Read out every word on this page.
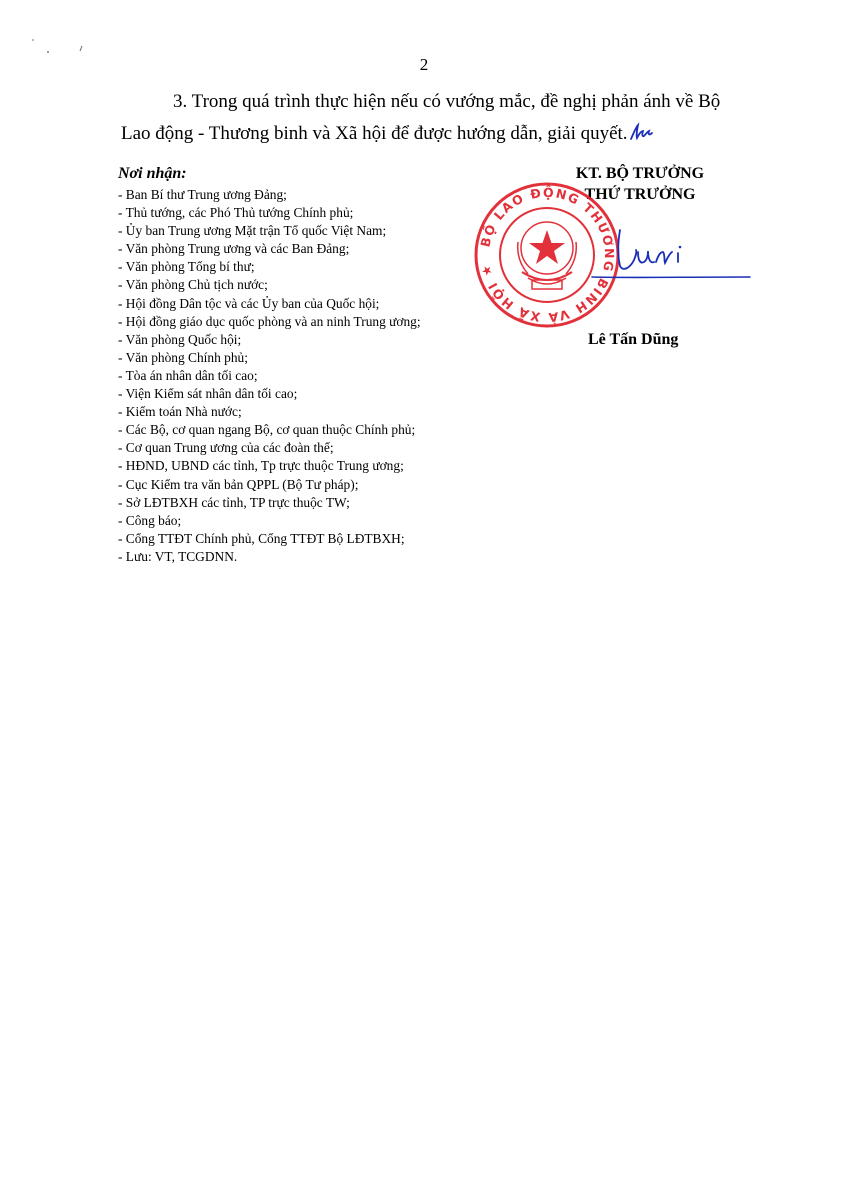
2
3. Trong quá trình thực hiện nếu có vướng mắc, đề nghị phản ánh về Bộ
Lao động - Thương binh và Xã hội để được hướng dẫn, giải quyết.
Nơi nhận:
- Ban Bí thư Trung ương Đảng;
- Thủ tướng, các Phó Thủ tướng Chính phủ;
- Ủy ban Trung ương Mặt trận Tổ quốc Việt Nam;
- Văn phòng Trung ương và các Ban Đảng;
- Văn phòng Tổng bí thư;
- Văn phòng Chủ tịch nước;
- Hội đồng Dân tộc và các Ủy ban của Quốc hội;
- Hội đồng giáo dục quốc phòng và an ninh Trung ương;
- Văn phòng Quốc hội;
- Văn phòng Chính phủ;
- Tòa án nhân dân tối cao;
- Viện Kiểm sát nhân dân tối cao;
- Kiểm toán Nhà nước;
- Các Bộ, cơ quan ngang Bộ, cơ quan thuộc Chính phủ;
- Cơ quan Trung ương của các đoàn thể;
- HĐND, UBND các tỉnh, Tp trực thuộc Trung ương;
- Cục Kiểm tra văn bản QPPL (Bộ Tư pháp);
- Sở LĐTBXH các tỉnh, TP trực thuộc TW;
- Công báo;
- Cổng TTĐT Chính phủ, Cổng TTĐT Bộ LĐTBXH;
- Lưu: VT, TCGDNN.
KT. BỘ TRƯỞNG
THỨ TRƯỞNG
BỘ LAO ĐỘNG THƯƠNG BINH VÀ XÃ HỘI ★
Lê Tấn Dũng
